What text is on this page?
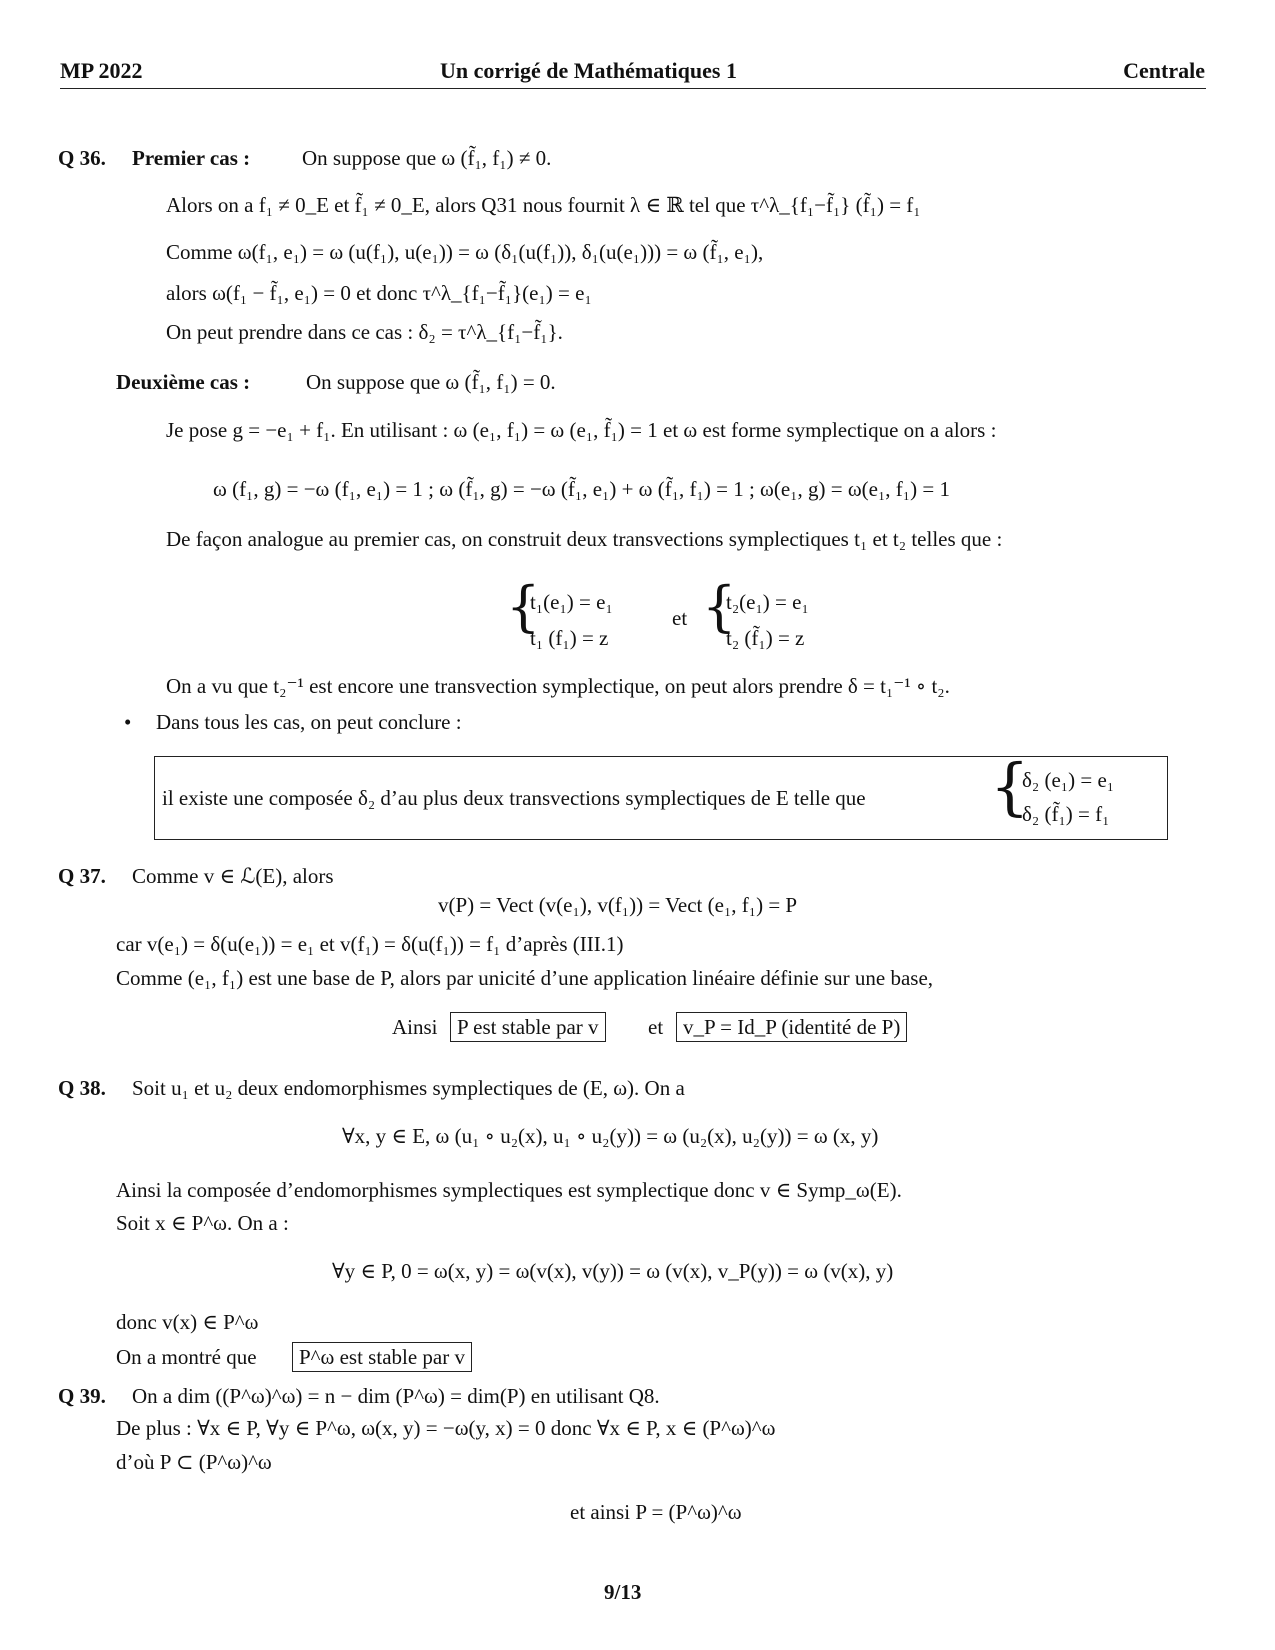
MP 2022	Un corrigé de Mathématiques 1	Centrale
Q 36. Premier cas : On suppose que ω (f̃₁, f₁) ≠ 0.
Alors on a f₁ ≠ 0_E et f̃₁ ≠ 0_E, alors Q31 nous fournit λ ∈ ℝ tel que τ^λ_{f₁−f̃₁} (f̃₁) = f₁
Comme ω(f₁, e₁) = ω (u(f₁), u(e₁)) = ω (δ₁(u(f₁)), δ₁(u(e₁))) = ω (f̃₁, e₁),
alors ω(f₁ − f̃₁, e₁) = 0 et donc τ^λ_{f₁−f̃₁}(e₁) = e₁
On peut prendre dans ce cas : δ₂ = τ^λ_{f₁−f̃₁}.
Deuxième cas :	On suppose que ω (f̃₁, f₁) = 0.
Je pose g = −e₁ + f₁. En utilisant : ω (e₁, f₁) = ω (e₁, f̃₁) = 1 et ω est forme symplectique on a alors :
ω (f₁, g) = −ω (f₁, e₁) = 1 ; ω (f̃₁, g) = −ω (f̃₁, e₁) + ω (f̃₁, f₁) = 1 ; ω(e₁, g) = ω(e₁, f₁) = 1
De façon analogue au premier cas, on construit deux transvections symplectiques t₁ et t₂ telles que :
{
t₁(e₁) = e₁
t₁ (f₁) = z
et {
t₂(e₁) = e₁
t₂ (f̃₁) = z
On a vu que t₂⁻¹ est encore une transvection symplectique, on peut alors prendre δ = t₁⁻¹ ∘ t₂.
• Dans tous les cas, on peut conclure :
il existe une composée δ₂ d’au plus deux transvections symplectiques de E telle que {
δ₂ (e₁) = e₁
δ₂ (f̃₁) = f₁
Q 37. Comme v ∈ ℒ(E), alors
v(P) = Vect (v(e₁), v(f₁)) = Vect (e₁, f₁) = P
car v(e₁) = δ(u(e₁)) = e₁ et v(f₁) = δ(u(f₁)) = f₁ d’après (III.1)
Comme (e₁, f₁) est une base de P, alors par unicité d’une application linéaire définie sur une base,
Ainsi P est stable par v	et v_P = Id_P (identité de P)
Q 38. Soit u₁ et u₂ deux endomorphismes symplectiques de (E, ω). On a
∀x, y ∈ E, ω (u₁ ∘ u₂(x), u₁ ∘ u₂(y)) = ω (u₂(x), u₂(y)) = ω (x, y)
Ainsi la composée d’endomorphismes symplectiques est symplectique donc v ∈ Symp_ω(E).
Soit x ∈ P^ω. On a :
∀y ∈ P, 0 = ω(x, y) = ω(v(x), v(y)) = ω (v(x), v_P(y)) = ω (v(x), y)
donc v(x) ∈ P^ω
On a montré que	P^ω est stable par v
Q 39. On a dim ((P^ω)^ω) = n − dim (P^ω) = dim(P) en utilisant Q8.
De plus : ∀x ∈ P, ∀y ∈ P^ω, ω(x, y) = −ω(y, x) = 0 donc ∀x ∈ P, x ∈ (P^ω)^ω
d’où P ⊂ (P^ω)^ω
et ainsi P = (P^ω)^ω
9/13
